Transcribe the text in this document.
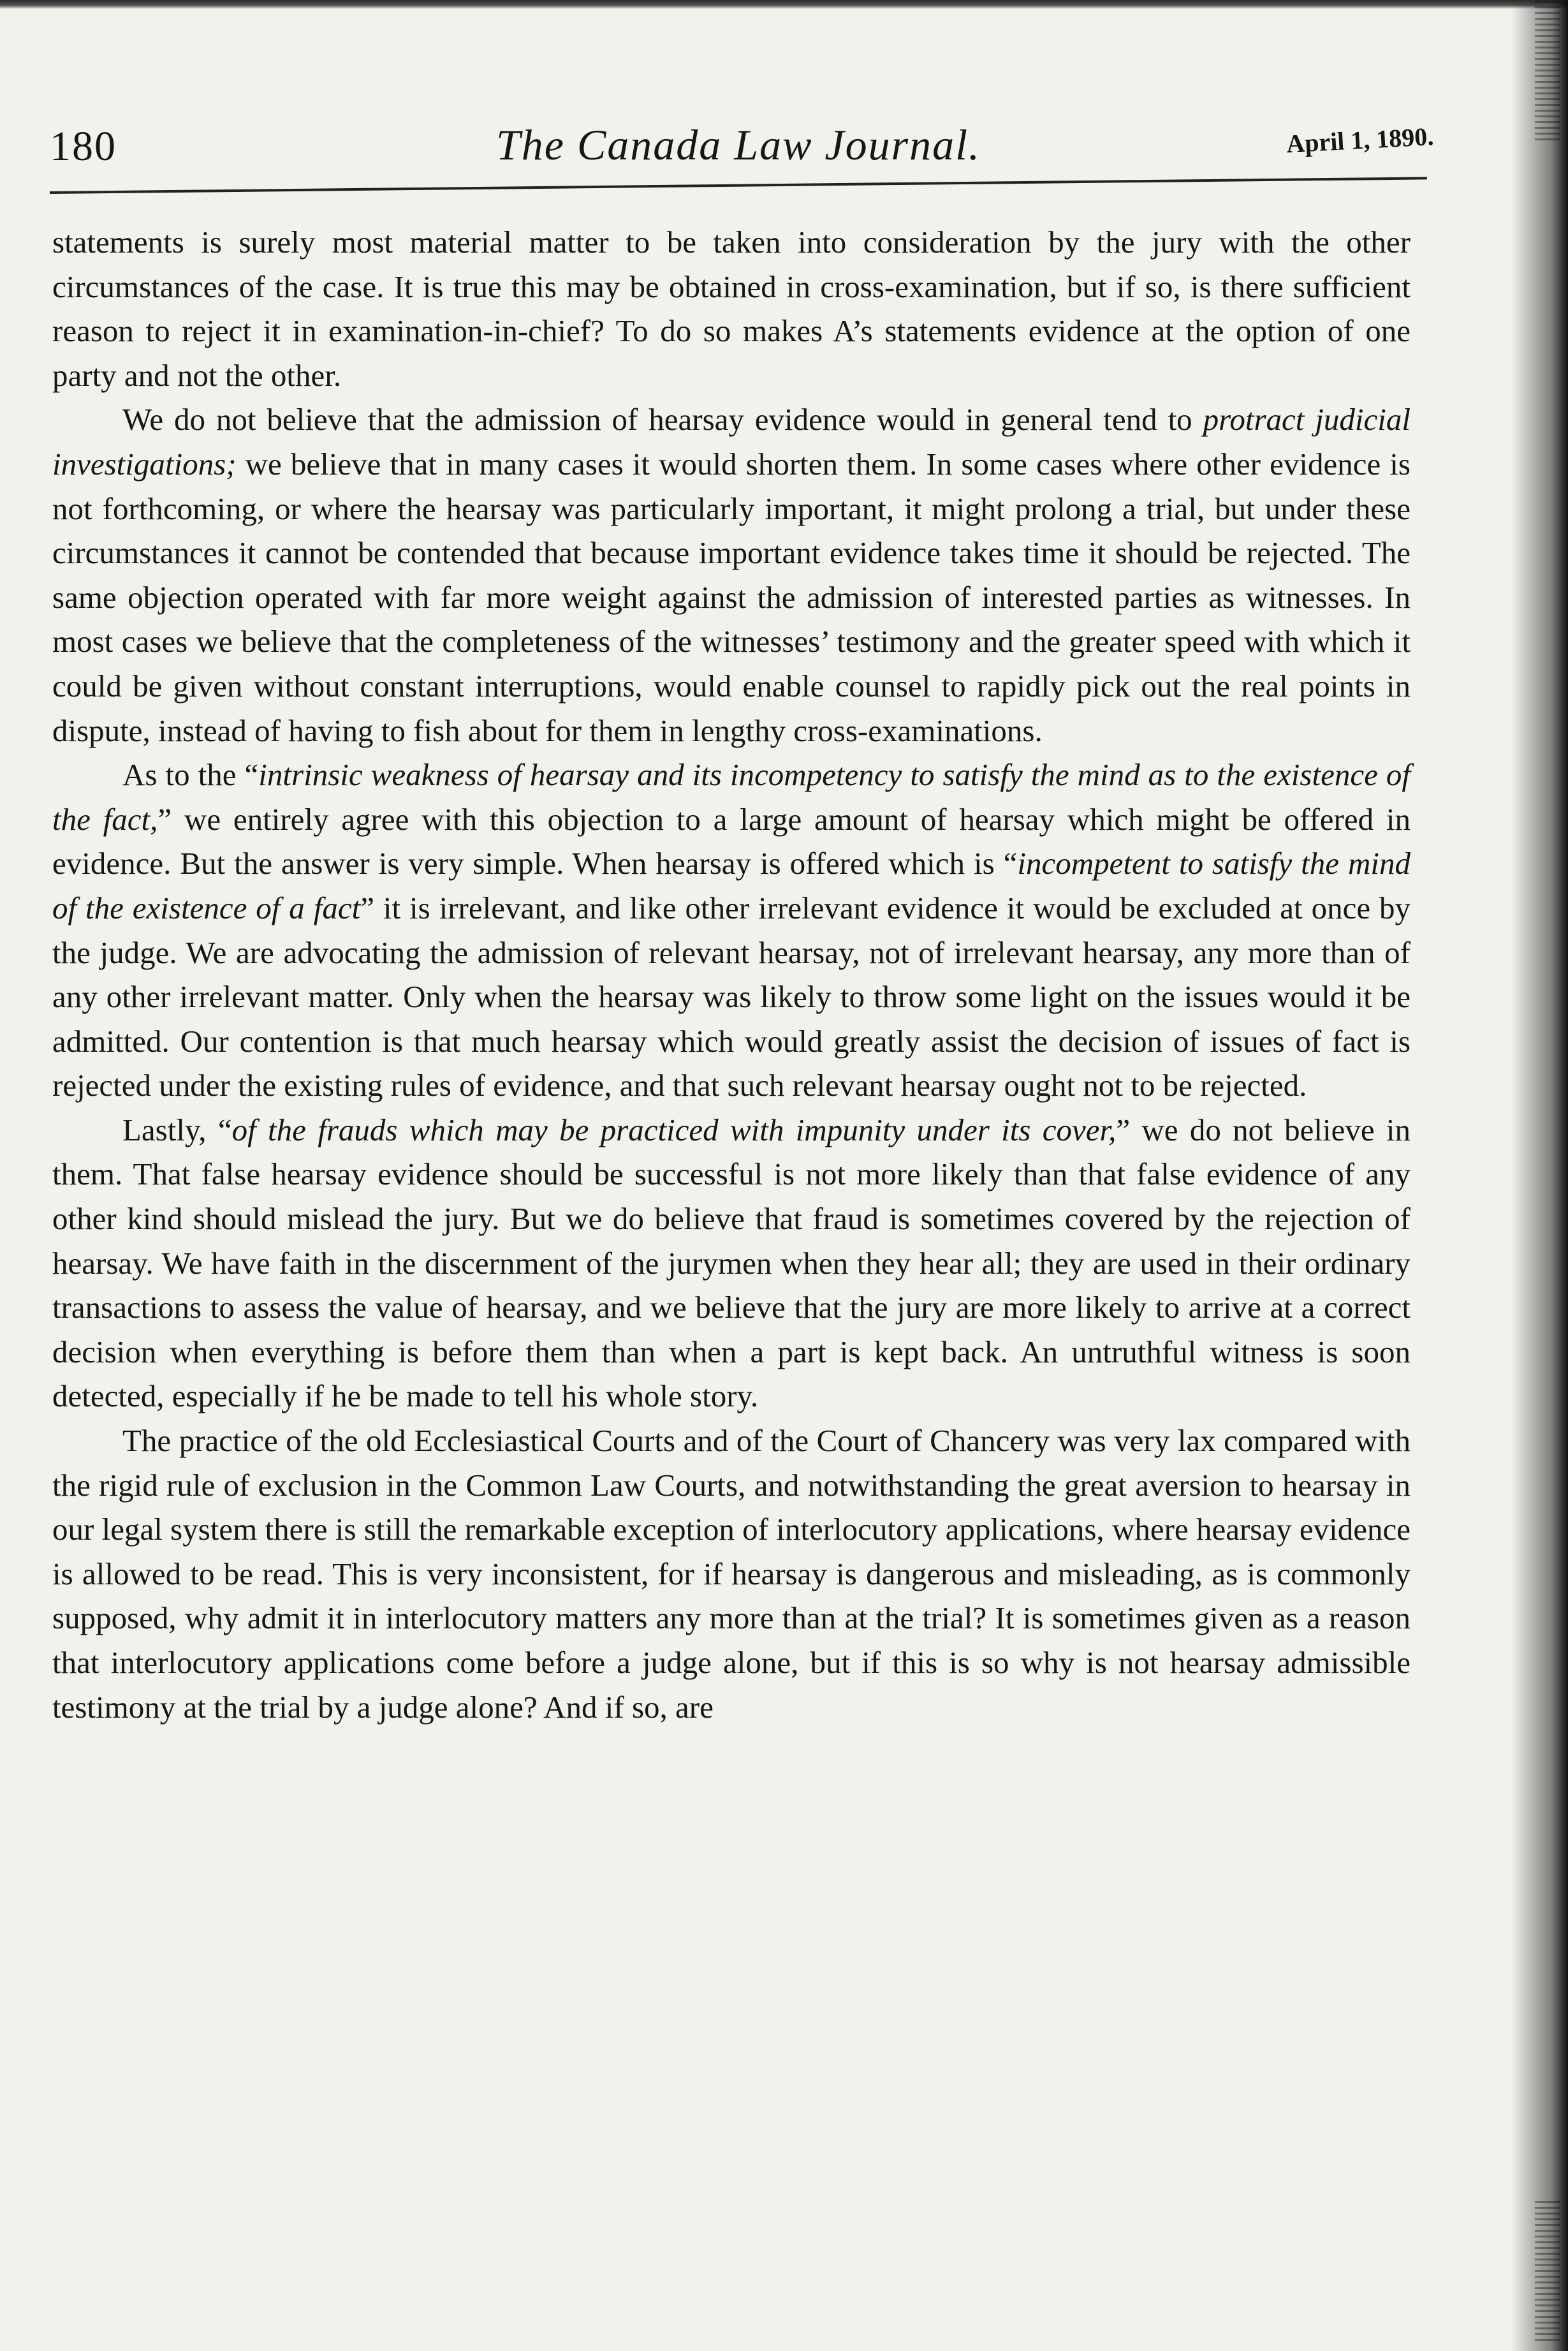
180	The Canada Law Journal.	April 1, 1890.

statements is surely most material matter to be taken into consideration by the jury with the other circumstances of the case. It is true this may be obtained in cross-examination, but if so, is there sufficient reason to reject it in examination-in-chief? To do so makes A’s statements evidence at the option of one party and not the other.

We do not believe that the admission of hearsay evidence would in general tend to protract judicial investigations; we believe that in many cases it would shorten them. In some cases where other evidence is not forthcoming, or where the hearsay was particularly important, it might prolong a trial, but under these circumstances it cannot be contended that because important evidence takes time it should be rejected. The same objection operated with far more weight against the admission of interested parties as witnesses. In most cases we believe that the completeness of the witnesses’ testimony and the greater speed with which it could be given without constant interruptions, would enable counsel to rapidly pick out the real points in dispute, instead of having to fish about for them in lengthy cross-examinations.

As to the “intrinsic weakness of hearsay and its incompetency to satisfy the mind as to the existence of the fact,” we entirely agree with this objection to a large amount of hearsay which might be offered in evidence. But the answer is very simple. When hearsay is offered which is “incompetent to satisfy the mind of the existence of a fact” it is irrelevant, and like other irrelevant evidence it would be excluded at once by the judge. We are advocating the admission of relevant hearsay, not of irrelevant hearsay, any more than of any other irrelevant matter. Only when the hearsay was likely to throw some light on the issues would it be admitted. Our contention is that much hearsay which would greatly assist the decision of issues of fact is rejected under the existing rules of evidence, and that such relevant hearsay ought not to be rejected.

Lastly, “of the frauds which may be practiced with impunity under its cover,” we do not believe in them. That false hearsay evidence should be successful is not more likely than that false evidence of any other kind should mislead the jury. But we do believe that fraud is sometimes covered by the rejection of hearsay. We have faith in the discernment of the jurymen when they hear all; they are used in their ordinary transactions to assess the value of hearsay, and we believe that the jury are more likely to arrive at a correct decision when everything is before them than when a part is kept back. An untruthful witness is soon detected, especially if he be made to tell his whole story.

The practice of the old Ecclesiastical Courts and of the Court of Chancery was very lax compared with the rigid rule of exclusion in the Common Law Courts, and notwithstanding the great aversion to hearsay in our legal system there is still the remarkable exception of interlocutory applications, where hearsay evidence is allowed to be read. This is very inconsistent, for if hearsay is dangerous and misleading, as is commonly supposed, why admit it in interlocutory matters any more than at the trial? It is sometimes given as a reason that interlocutory applications come before a judge alone, but if this is so why is not hearsay admissible testimony at the trial by a judge alone? And if so, are
